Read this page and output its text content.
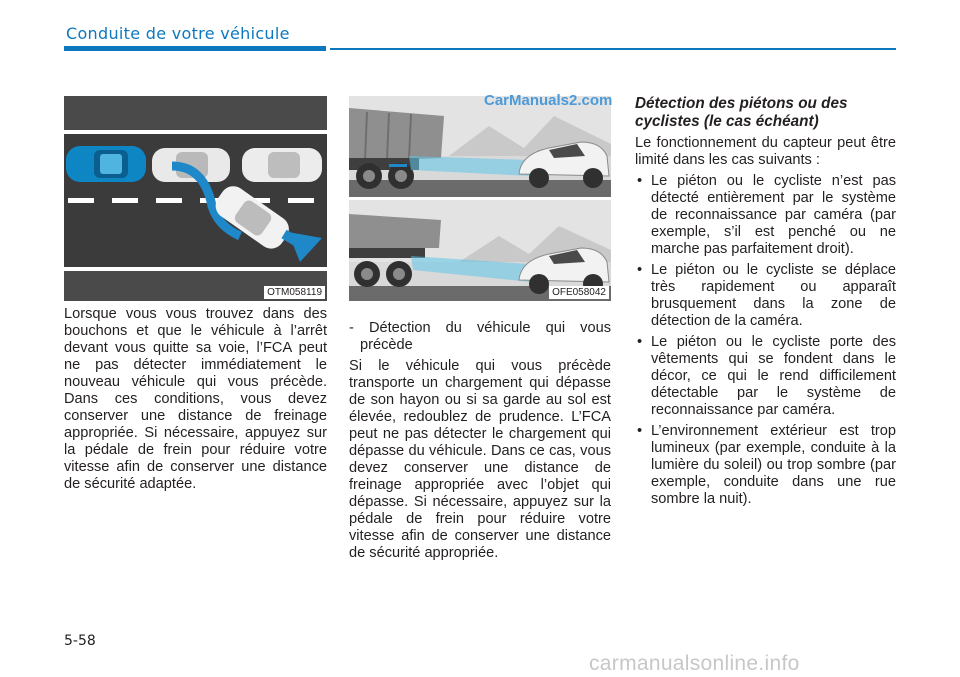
Conduite de votre véhicule
OTM058119	OFE058042
CarManuals2.com

Lorsque vous vous trouvez dans des bouchons et que le véhicule à l’arrêt devant vous quitte sa voie, l’FCA peut ne pas détecter immédiatement le nouveau véhicule qui vous précède. Dans ces conditions, vous devez conserver une distance de freinage appropriée. Si nécessaire, appuyez sur la pédale de frein pour réduire votre vitesse afin de conserver une distance de sécurité adaptée.

- Détection du véhicule qui vous précède

Si le véhicule qui vous précède transporte un chargement qui dépasse de son hayon ou si sa garde au sol est élevée, redoublez de prudence. L’FCA peut ne pas détecter le chargement qui dépasse du véhicule. Dans ce cas, vous devez conserver une distance de freinage appropriée avec l’objet qui dépasse. Si nécessaire, appuyez sur la pédale de frein pour réduire votre vitesse afin de conserver une distance de sécurité appropriée.

Détection des piétons ou des cyclistes (le cas échéant)

Le fonctionnement du capteur peut être limité dans les cas suivants :

• Le piéton ou le cycliste n’est pas détecté entièrement par le système de reconnaissance par caméra (par exemple, s’il est penché ou ne marche pas parfaitement droit).
• Le piéton ou le cycliste se déplace très rapidement ou apparaît brusquement dans la zone de détection de la caméra.
• Le piéton ou le cycliste porte des vêtements qui se fondent dans le décor, ce qui le rend difficilement détectable par le système de reconnaissance par caméra.
• L’environnement extérieur est trop lumineux (par exemple, conduite à la lumière du soleil) ou trop sombre (par exemple, conduite dans une rue sombre la nuit).
5-58
carmanualsonline.info
